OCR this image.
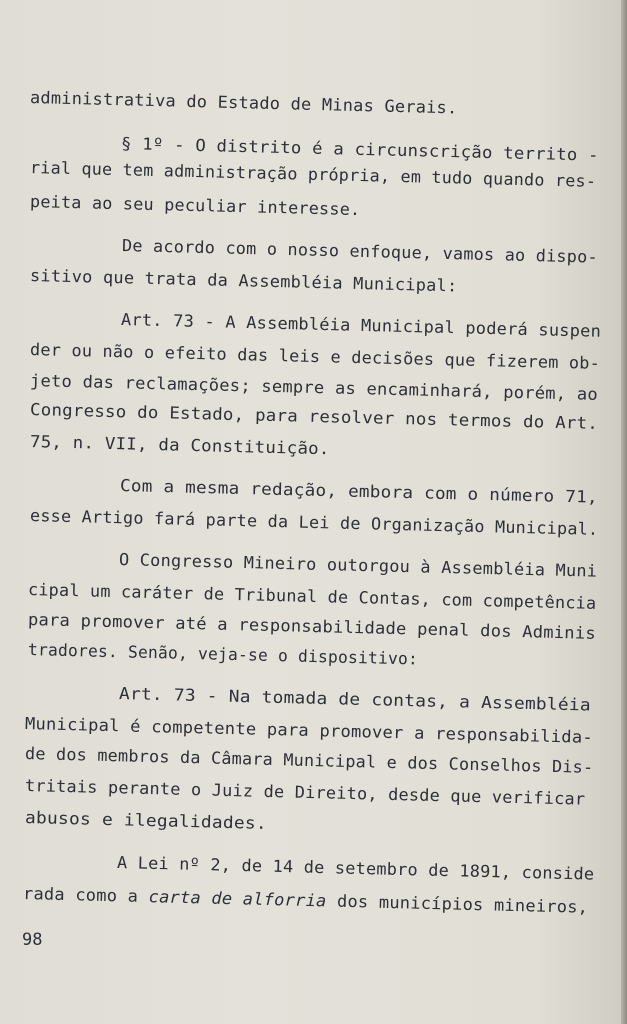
administrativa do Estado de Minas Gerais.
§ 1º - O distrito é a circunscrição territo -
rial que tem administração própria, em tudo quando res-
peita ao seu peculiar interesse.
De acordo com o nosso enfoque, vamos ao dispo-
sitivo que trata da Assembléia Municipal:
Art. 73 - A Assembléia Municipal poderá suspen
der ou não o efeito das leis e decisões que fizerem ob-
jeto das reclamações; sempre as encaminhará, porém, ao
Congresso do Estado, para resolver nos termos do Art.
75, n. VII, da Constituição.
Com a mesma redação, embora com o número 71,
esse Artigo fará parte da Lei de Organização Municipal.
O Congresso Mineiro outorgou à Assembléia Muni
cipal um caráter de Tribunal de Contas, com competência
para promover até a responsabilidade penal dos Adminis
tradores. Senão, veja-se o dispositivo:
Art. 73 - Na tomada de contas, a Assembléia
Municipal é competente para promover a responsabilida-
de dos membros da Câmara Municipal e dos Conselhos Dis-
tritais perante o Juiz de Direito, desde que verificar
abusos e ilegalidades.
A Lei nº 2, de 14 de setembro de 1891, conside
rada como a carta de alforria dos municípios mineiros,
98
